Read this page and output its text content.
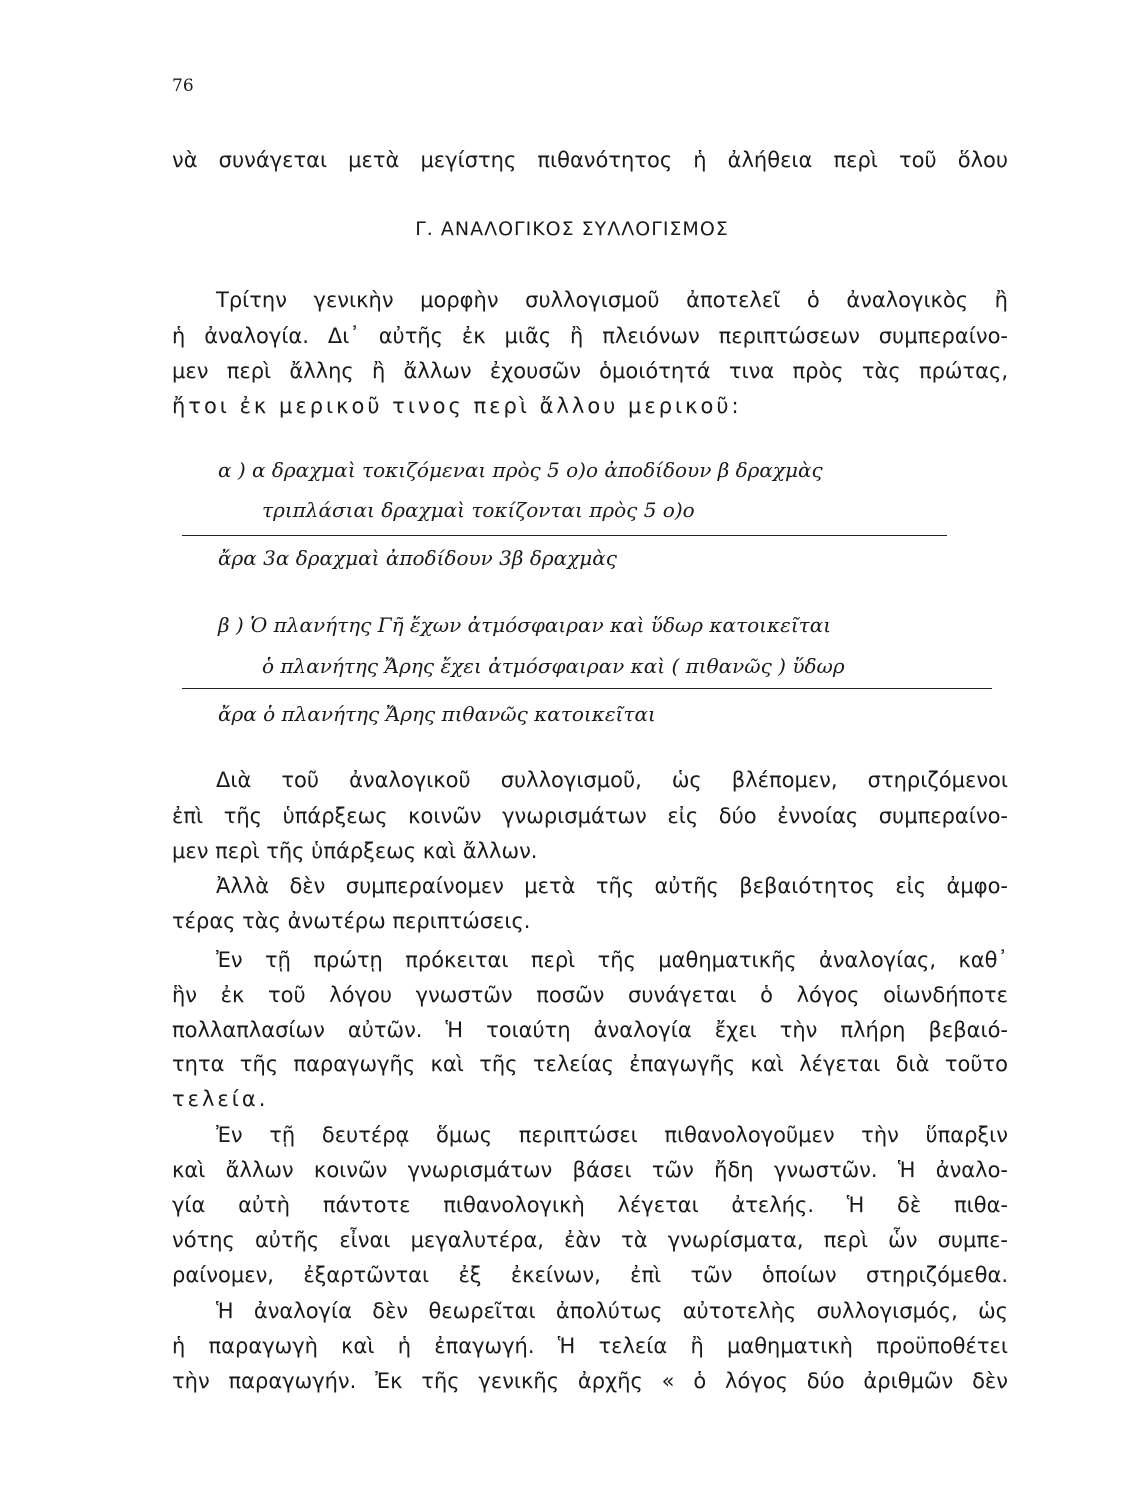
76
νὰ συνάγεται μετὰ μεγίστης πιθανότητος ἡ ἀλήθεια περὶ τοῦ ὅλου
Γ. ΑΝΑΛΟΓΙΚΟΣ ΣΥΛΛΟΓΙΣΜΟΣ
Τρίτην γενικὴν μορφὴν συλλογισμοῦ ἀποτελεῖ ὁ ἀναλογικὸς ἢ
ἡ ἀναλογία. Δι᾿ αὐτῆς ἐκ μιᾶς ἢ πλειόνων περιπτώσεων συμπεραίνο-
μεν περὶ ἄλλης ἢ ἄλλων ἐχουσῶν ὁμοιότητά τινα πρὸς τὰς πρώτας,
ἤτοι ἐκ μερικοῦ τινος περὶ ἄλλου μερικοῦ:
α ) α δραχμαὶ τοκιζόμεναι πρὸς 5 ο)ο ἀποδίδουν β δραχμὰς
τριπλάσιαι δραχμαὶ τοκίζονται πρὸς 5 ο)ο
ἄρα 3α δραχμαὶ ἀποδίδουν 3β δραχμὰς
β ) Ὁ πλανήτης Γῆ ἔχων ἀτμόσφαιραν καὶ ὕδωρ κατοικεῖται
ὁ πλανήτης Ἄρης ἔχει ἀτμόσφαιραν καὶ ( πιθανῶς ) ὕδωρ
ἄρα ὁ πλανήτης Ἄρης πιθανῶς κατοικεῖται
Διὰ τοῦ ἀναλογικοῦ συλλογισμοῦ, ὡς βλέπομεν, στηριζόμενοι
ἐπὶ τῆς ὑπάρξεως κοινῶν γνωρισμάτων εἰς δύο ἐννοίας συμπεραίνο-
μεν περὶ τῆς ὑπάρξεως καὶ ἄλλων.
Ἀλλὰ δὲν συμπεραίνομεν μετὰ τῆς αὐτῆς βεβαιότητος εἰς ἀμφο-
τέρας τὰς ἀνωτέρω περιπτώσεις.
Ἐν τῇ πρώτῃ πρόκειται περὶ τῆς μαθηματικῆς ἀναλογίας, καθ᾿
ἣν ἐκ τοῦ λόγου γνωστῶν ποσῶν συνάγεται ὁ λόγος οἱωνδήποτε
πολλαπλασίων αὐτῶν. Ἡ τοιαύτη ἀναλογία ἔχει τὴν πλήρη βεβαιό-
τητα τῆς παραγωγῆς καὶ τῆς τελείας ἐπαγωγῆς καὶ λέγεται διὰ τοῦτο
τελεία.
Ἐν τῇ δευτέρᾳ ὅμως περιπτώσει πιθανολογοῦμεν τὴν ὕπαρξιν
καὶ ἄλλων κοινῶν γνωρισμάτων βάσει τῶν ἤδη γνωστῶν. Ἡ ἀναλο-
γία αὐτὴ πάντοτε πιθανολογικὴ λέγεται ἀτελής. Ἡ δὲ πιθα-
νότης αὐτῆς εἶναι μεγαλυτέρα, ἐὰν τὰ γνωρίσματα, περὶ ὧν συμπε-
ραίνομεν, ἐξαρτῶνται ἐξ ἐκείνων, ἐπὶ τῶν ὁποίων στηριζόμεθα.
Ἡ ἀναλογία δὲν θεωρεῖται ἀπολύτως αὐτοτελὴς συλλογισμός, ὡς
ἡ παραγωγὴ καὶ ἡ ἐπαγωγή. Ἡ τελεία ἢ μαθηματικὴ προϋποθέτει
τὴν παραγωγήν. Ἐκ τῆς γενικῆς ἀρχῆς « ὁ λόγος δύο ἀριθμῶν δὲν
